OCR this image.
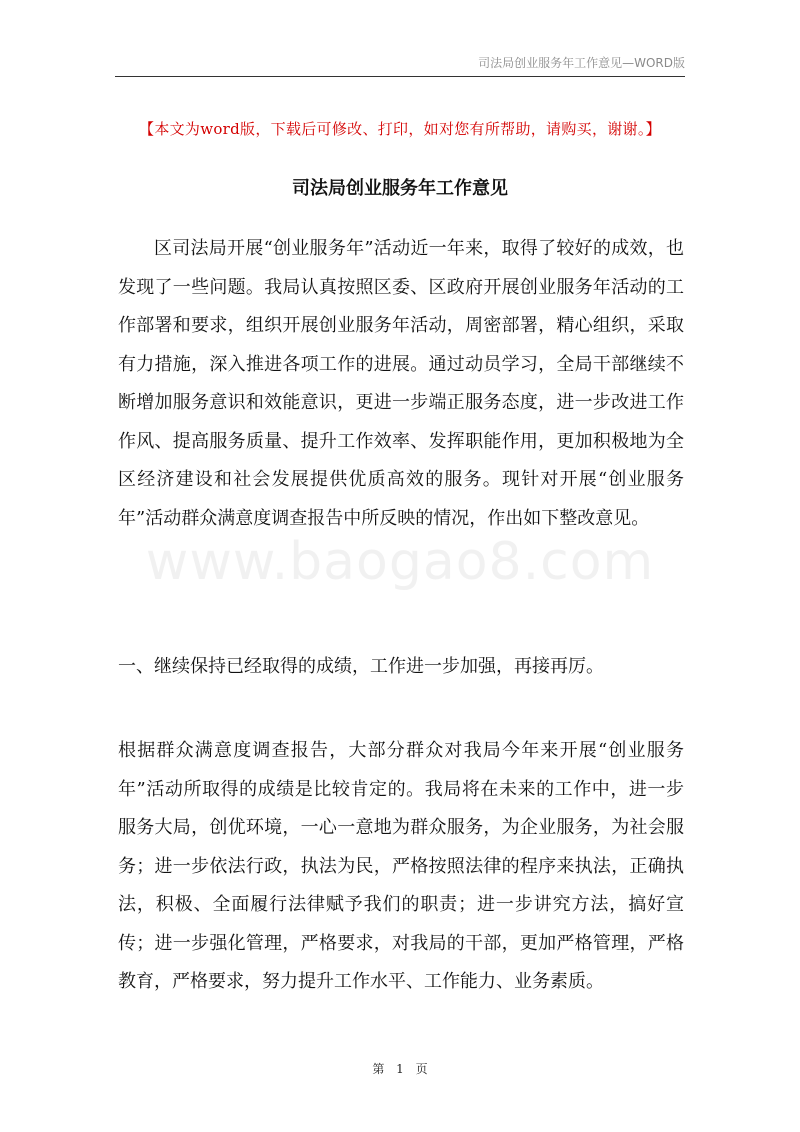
司法局创业服务年工作意见—WORD版
【本文为word版，下载后可修改、打印，如对您有所帮助，请购买，谢谢。】
司法局创业服务年工作意见

区司法局开展“创业服务年”活动近一年来，取得了较好的成效，也发现了一些问题。我局认真按照区委、区政府开展创业服务年活动的工作部署和要求，组织开展创业服务年活动，周密部署，精心组织，采取有力措施，深入推进各项工作的进展。通过动员学习，全局干部继续不断增加服务意识和效能意识，更进一步端正服务态度，进一步改进工作作风、提高服务质量、提升工作效率、发挥职能作用，更加积极地为全区经济建设和社会发展提供优质高效的服务。现针对开展“创业服务年”活动群众满意度调查报告中所反映的情况，作出如下整改意见。

一、继续保持已经取得的成绩，工作进一步加强，再接再厉。

根据群众满意度调查报告，大部分群众对我局今年来开展“创业服务年”活动所取得的成绩是比较肯定的。我局将在未来的工作中，进一步服务大局，创优环境，一心一意地为群众服务，为企业服务，为社会服务；进一步依法行政，执法为民，严格按照法律的程序来执法，正确执法，积极、全面履行法律赋予我们的职责；进一步讲究方法，搞好宣传；进一步强化管理，严格要求，对我局的干部，更加严格管理，严格教育，严格要求，努力提升工作水平、工作能力、业务素质。

www.baogao8.com
第 1 页
